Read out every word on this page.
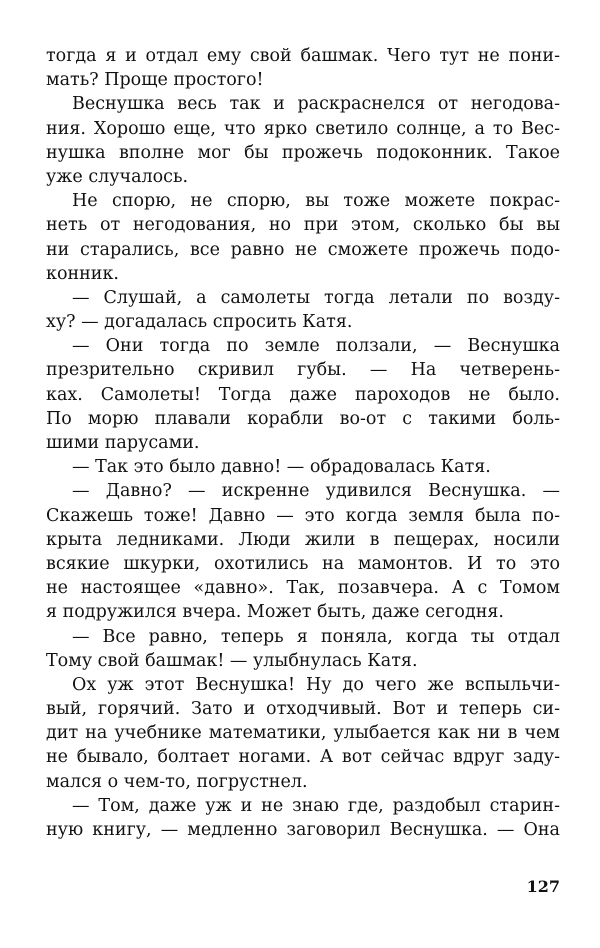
тогда я и отдал ему свой башмак. Чего тут не пони-
мать? Проще простого!
Веснушка весь так и раскраснелся от негодова-
ния. Хорошо еще, что ярко светило солнце, а то Вес-
нушка вполне мог бы прожечь подоконник. Такое
уже случалось.
Не спорю, не спорю, вы тоже можете покрас-
неть от негодования, но при этом, сколько бы вы
ни старались, все равно не сможете прожечь подо-
конник.
— Слушай, а самолеты тогда летали по возду-
ху? — догадалась спросить Катя.
— Они тогда по земле ползали, — Веснушка
презрительно скривил губы. — На четверень-
ках. Самолеты! Тогда даже пароходов не было.
По морю плавали корабли во-от с такими боль-
шими парусами.
— Так это было давно! — обрадовалась Катя.
— Давно? — искренне удивился Веснушка. —
Скажешь тоже! Давно — это когда земля была по-
крыта ледниками. Люди жили в пещерах, носили
всякие шкурки, охотились на мамонтов. И то это
не настоящее «давно». Так, позавчера. А с Томом
я подружился вчера. Может быть, даже сегодня.
— Все равно, теперь я поняла, когда ты отдал
Тому свой башмак! — улыбнулась Катя.
Ох уж этот Веснушка! Ну до чего же вспыльчи-
вый, горячий. Зато и отходчивый. Вот и теперь си-
дит на учебнике математики, улыбается как ни в чем
не бывало, болтает ногами. А вот сейчас вдруг заду-
мался о чем-то, погрустнел.
— Том, даже уж и не знаю где, раздобыл старин-
ную книгу, — медленно заговорил Веснушка. — Она
127
